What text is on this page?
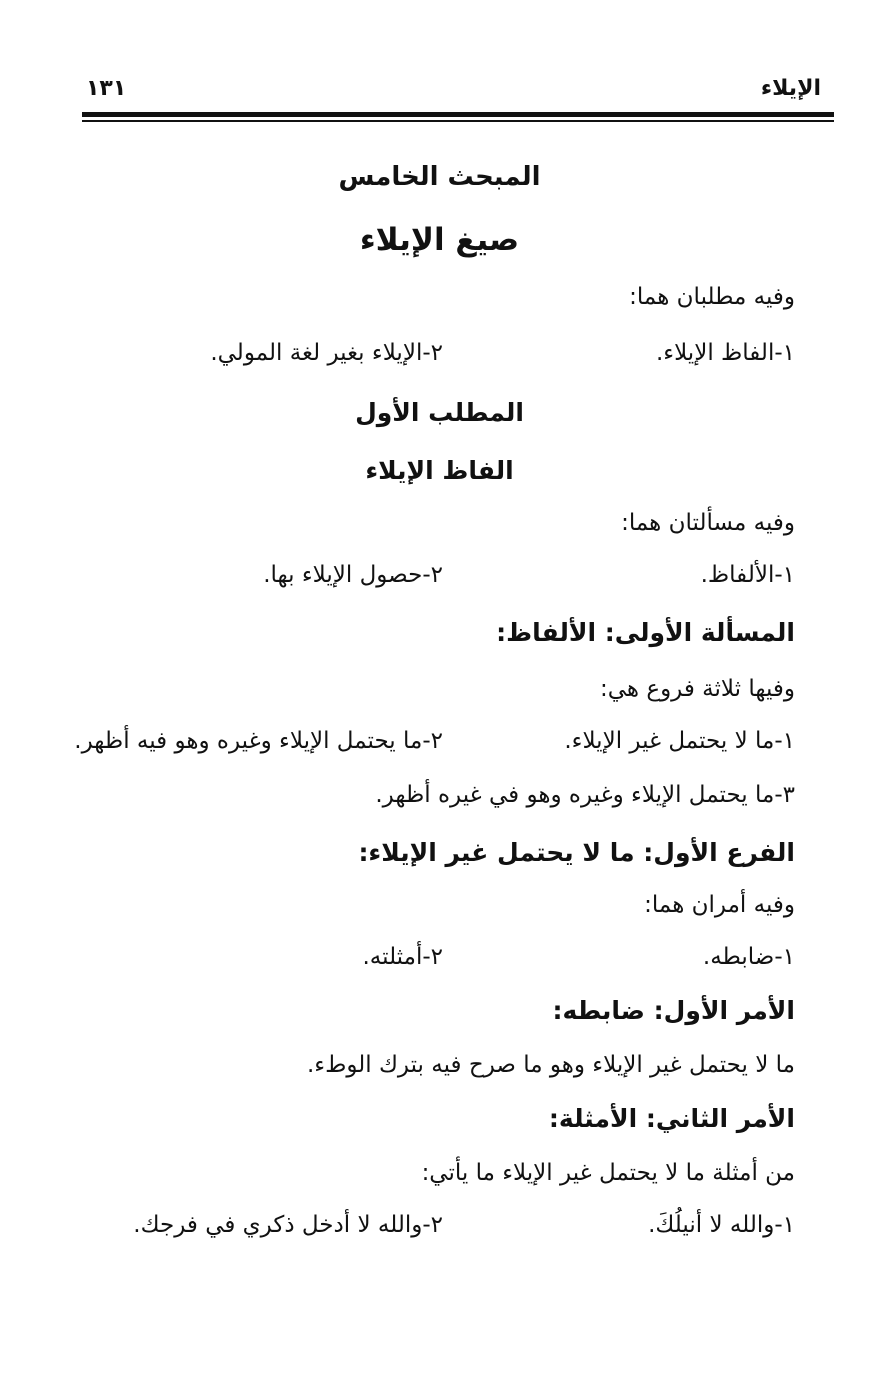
الإيلاء
١٣١
المبحث الخامس
صيغ الإيلاء
وفيه مطلبان هما:
١-الفاظ الإيلاء.
٢-الإيلاء بغير لغة المولي.
المطلب الأول
الفاظ الإيلاء
وفيه مسألتان هما:
١-الألفاظ.
٢-حصول الإيلاء بها.
المسألة الأولى: الألفاظ:
وفيها ثلاثة فروع هي:
١-ما لا يحتمل غير الإيلاء.
٢-ما يحتمل الإيلاء وغيره وهو فيه أظهر.
٣-ما يحتمل الإيلاء وغيره وهو في غيره أظهر.
الفرع الأول: ما لا يحتمل غير الإيلاء:
وفيه أمران هما:
١-ضابطه.
٢-أمثلته.
الأمر الأول: ضابطه:
ما لا يحتمل غير الإيلاء وهو ما صرح فيه بترك الوطء.
الأمر الثاني: الأمثلة:
من أمثلة ما لا يحتمل غير الإيلاء ما يأتي:
١-والله لا أنيلُكَ.
٢-والله لا أدخل ذكري في فرجك.
